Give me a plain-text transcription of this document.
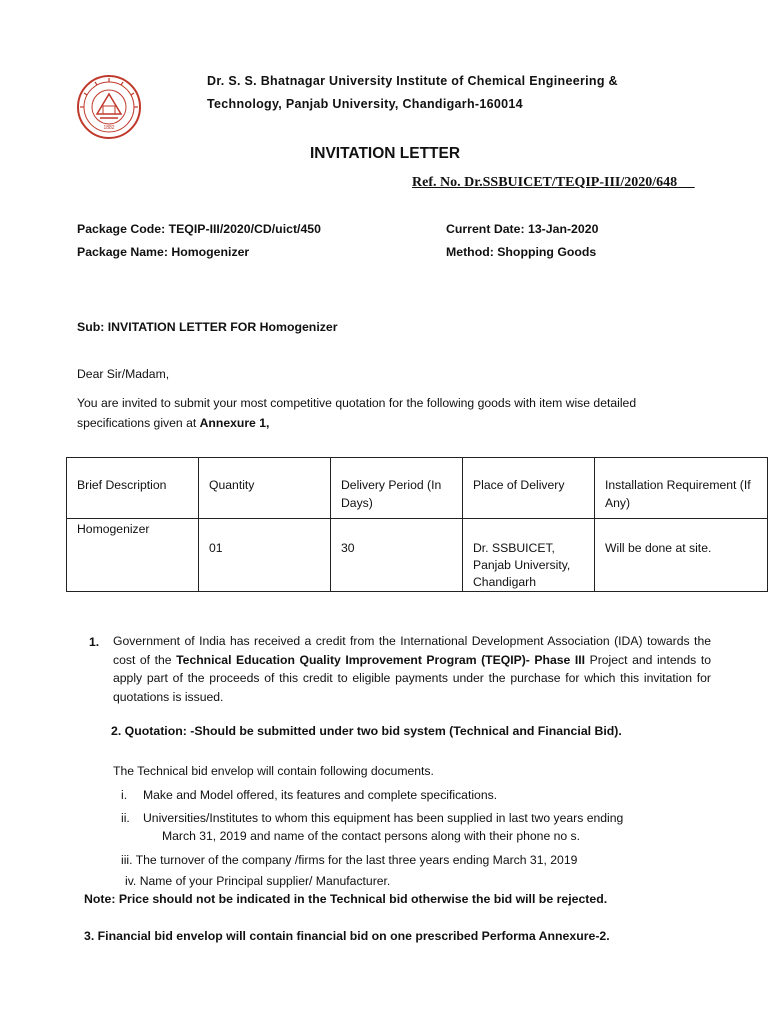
1882
Dr. S. S. Bhatnagar University Institute of Chemical Engineering &
Technology, Panjab University, Chandigarh-160014
INVITATION LETTER
Ref. No. Dr.SSBUICET/TEQIP-III/2020/648
Package Code: TEQIP-III/2020/CD/uict/450	Current Date: 13-Jan-2020
Package Name: Homogenizer	Method: Shopping Goods
Sub: INVITATION LETTER FOR Homogenizer
Dear Sir/Madam,
You are invited to submit your most competitive quotation for the following goods with item wise detailed
specifications given at Annexure 1,
Brief Description	Quantity	Delivery Period (In Days)	Place of Delivery	Installation Requirement (If Any)

Homogenizer	01	30	Dr. SSBUICET,
Panjab University,
Chandigarh	Will be done at site.
1. Government of India has received a credit from the International Development Association (IDA) towards the cost of the Technical Education Quality Improvement Program (TEQIP)- Phase III Project and intends to apply part of the proceeds of this credit to eligible payments under the purchase for which this invitation for quotations is issued.
2. Quotation: -Should be submitted under two bid system (Technical and Financial Bid).
The Technical bid envelop will contain following documents.
i. Make and Model offered, its features and complete specifications.
ii. Universities/Institutes to whom this equipment has been supplied in last two years ending
March 31, 2019 and name of the contact persons along with their phone no s.
iii. The turnover of the company /firms for the last three years ending March 31, 2019
iv. Name of your Principal supplier/ Manufacturer.
Note: Price should not be indicated in the Technical bid otherwise the bid will be rejected.
3. Financial bid envelop will contain financial bid on one prescribed Performa Annexure-2.
